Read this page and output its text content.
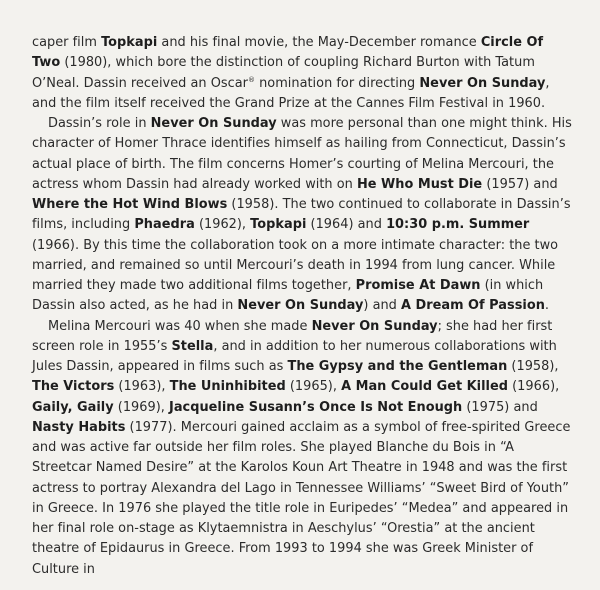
caper film Topkapi and his final movie, the May-December romance Circle Of Two (1980), which bore the distinction of coupling Richard Burton with Tatum O’Neal. Dassin received an Oscar® nomination for directing Never On Sunday, and the film itself received the Grand Prize at the Cannes Film Festival in 1960.

Dassin’s role in Never On Sunday was more personal than one might think. His character of Homer Thrace identifies himself as hailing from Connecticut, Dassin’s actual place of birth. The film concerns Homer’s courting of Melina Mercouri, the actress whom Dassin had already worked with on He Who Must Die (1957) and Where the Hot Wind Blows (1958). The two continued to collaborate in Dassin’s films, including Phaedra (1962), Topkapi (1964) and 10:30 p.m. Summer (1966). By this time the collaboration took on a more intimate character: the two married, and remained so until Mercouri’s death in 1994 from lung cancer. While married they made two additional films together, Promise At Dawn (in which Dassin also acted, as he had in Never On Sunday) and A Dream Of Passion.

Melina Mercouri was 40 when she made Never On Sunday; she had her first screen role in 1955’s Stella, and in addition to her numerous collaborations with Jules Dassin, appeared in films such as The Gypsy and the Gentleman (1958), The Victors (1963), The Uninhibited (1965), A Man Could Get Killed (1966), Gaily, Gaily (1969), Jacqueline Susann’s Once Is Not Enough (1975) and Nasty Habits (1977). Mercouri gained acclaim as a symbol of free-spirited Greece and was active far outside her film roles. She played Blanche du Bois in “A Streetcar Named Desire” at the Karolos Koun Art Theatre in 1948 and was the first actress to portray Alexandra del Lago in Tennessee Williams’ “Sweet Bird of Youth” in Greece. In 1976 she played the title role in Euripedes’ “Medea” and appeared in her final role on-stage as Klytaemnistra in Aeschylus’ “Orestia” at the ancient theatre of Epidaurus in Greece. From 1993 to 1994 she was Greek Minister of Culture in
